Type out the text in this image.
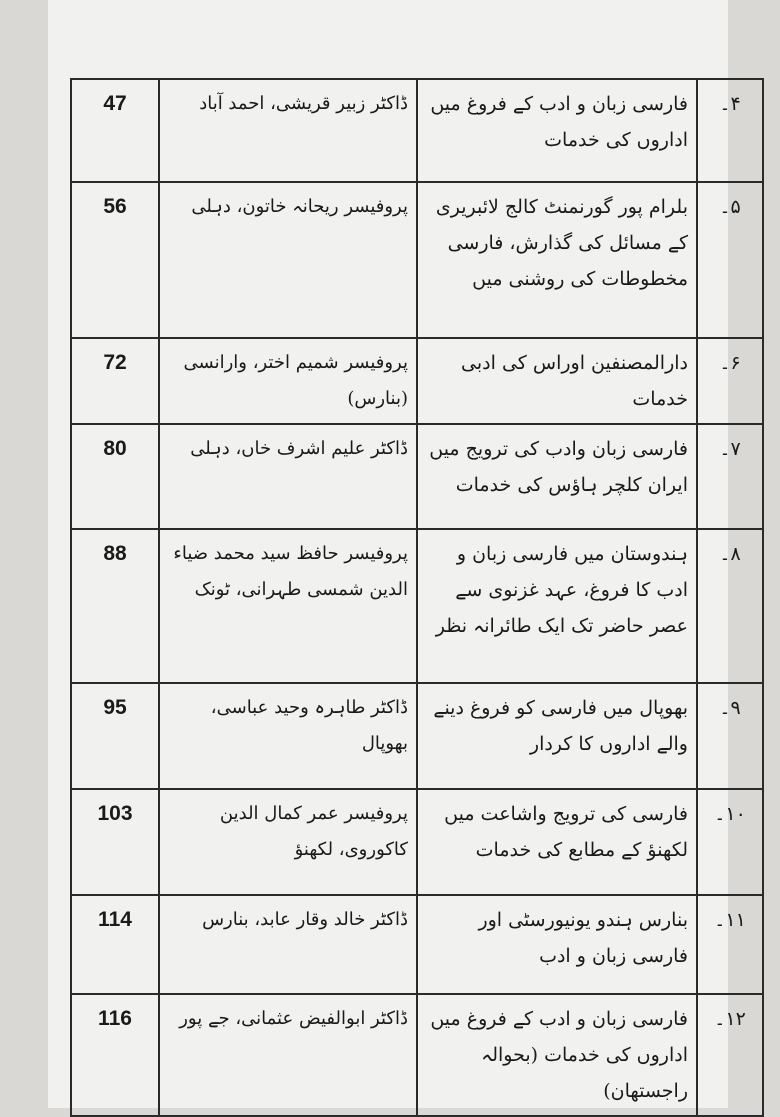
۴۔	فارسی زبان و ادب کے فروغ میں اداروں کی خدمات	ڈاکٹر زبیر قریشی، احمد آباد	47
۵۔	بلرام پور گورنمنٹ کالج لائبریری کے مسائل کی گذارش، فارسی مخطوطات کی روشنی میں	پروفیسر ریحانہ خاتون، دہلی	56
۶۔	دارالمصنفین اوراس کی ادبی خدمات	پروفیسر شمیم اختر، وارانسی (بنارس)	72
۷۔	فارسی زبان وادب کی ترویج میں ایران کلچر ہاؤس کی خدمات	ڈاکٹر علیم اشرف خاں، دہلی	80
۸۔	ہندوستان میں فارسی زبان و ادب کا فروغ، عہد غزنوی سے عصر حاضر تک ایک طائرانہ نظر	پروفیسر حافظ سید محمد ضیاء الدین شمسی طہرانی، ٹونک	88
۹۔	بھوپال میں فارسی کو فروغ دینے والے اداروں کا کردار	ڈاکٹر طاہرہ وحید عباسی، بھوپال	95
۱۰۔	فارسی کی ترویج واشاعت میں لکھنؤ کے مطابع کی خدمات	پروفیسر عمر کمال الدین کاکوروی، لکھنؤ	103
۱۱۔	بنارس ہندو یونیورسٹی اور فارسی زبان و ادب	ڈاکٹر خالد وقار عابد، بنارس	114
۱۲۔	فارسی زبان و ادب کے فروغ میں اداروں کی خدمات (بحوالہ راجستھان)	ڈاکٹر ابوالفیض عثمانی، جے پور	116
